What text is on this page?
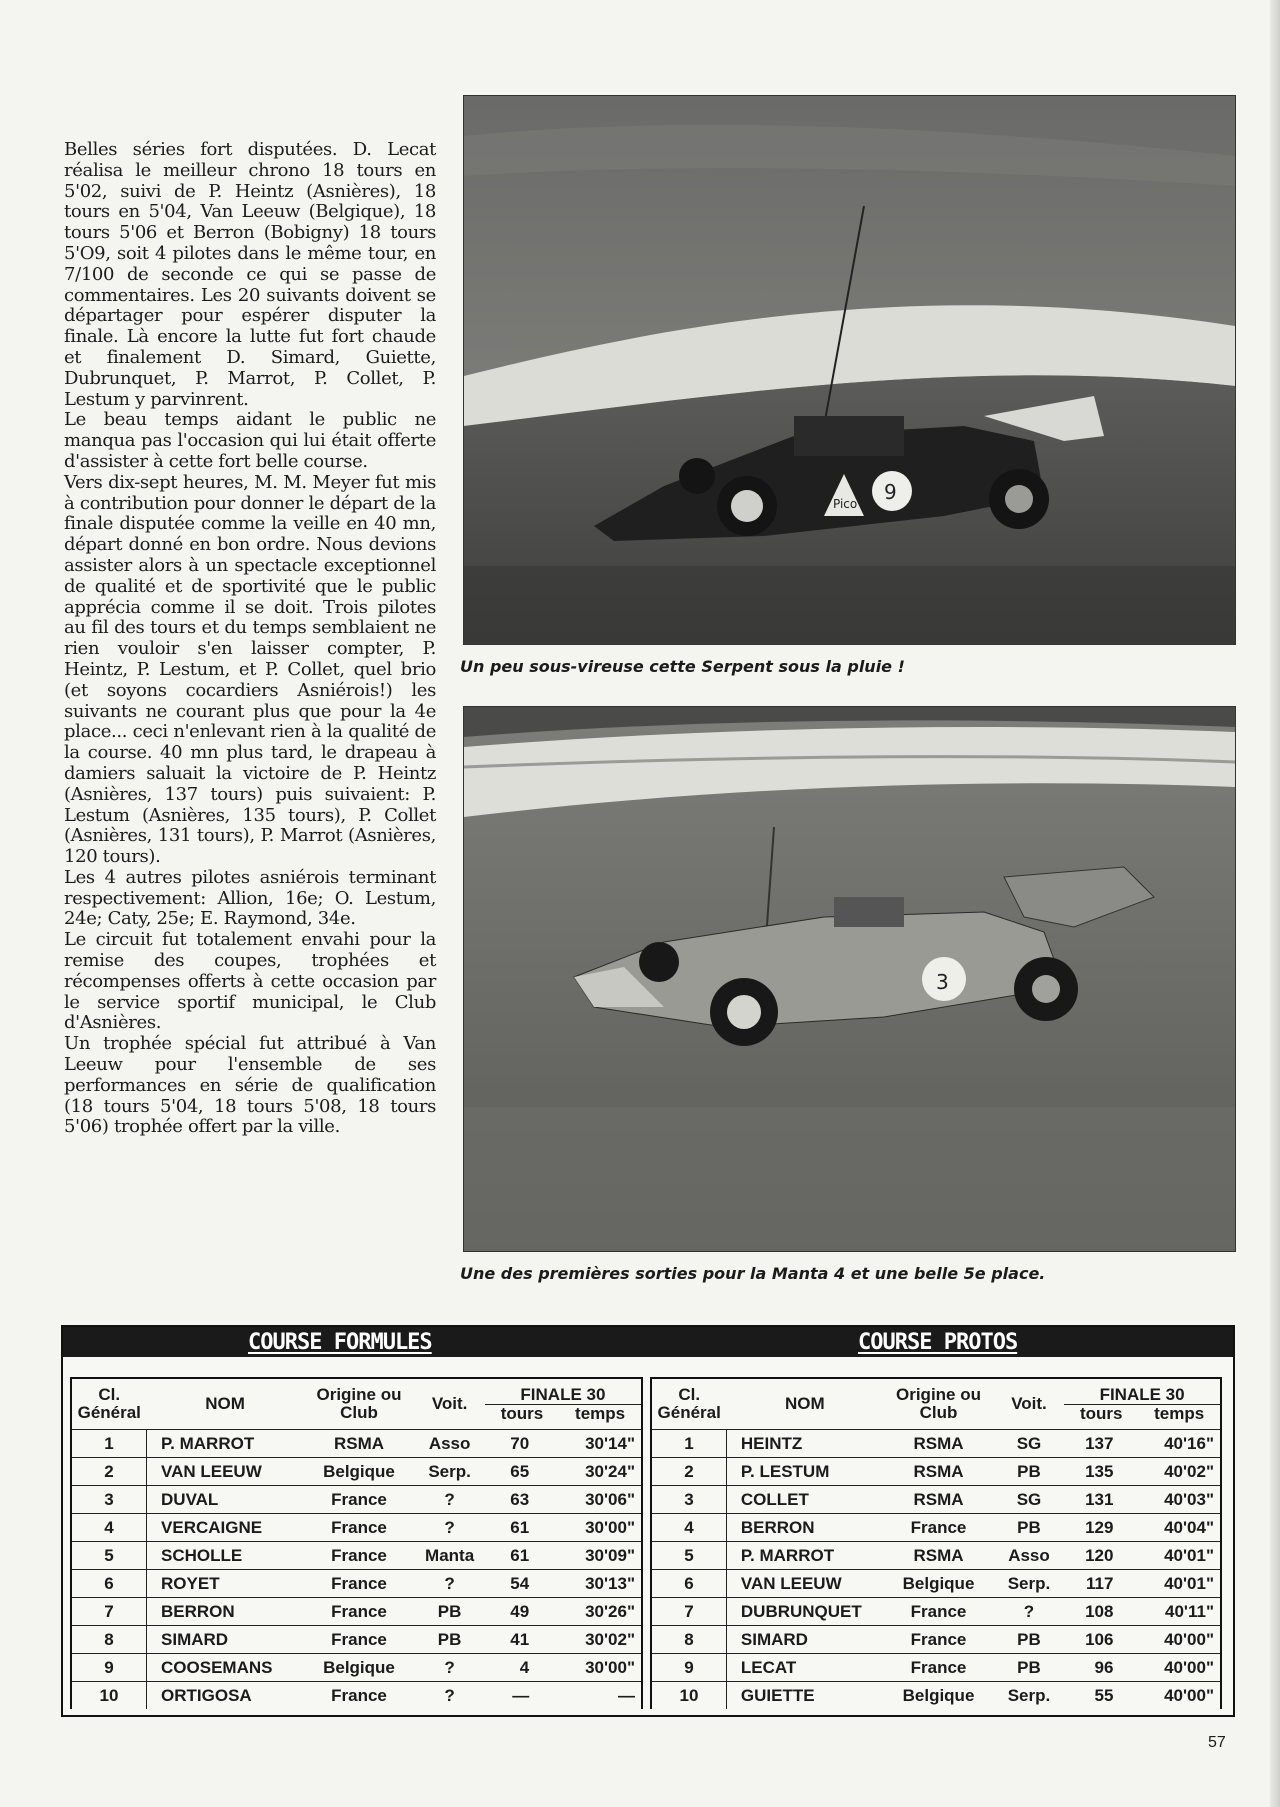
Belles séries fort disputées. D. Lecat réalisa le meilleur chrono 18 tours en 5'02, suivi de P. Heintz (Asnières), 18 tours en 5'04, Van Leeuw (Belgique), 18 tours 5'06 et Berron (Bobigny) 18 tours 5'O9, soit 4 pilotes dans le même tour, en 7/100 de seconde ce qui se passe de commentaires. Les 20 suivants doivent se départager pour espérer disputer la finale. Là encore la lutte fut fort chaude et finalement D. Simard, Guiette, Dubrunquet, P. Marrot, P. Collet, P. Lestum y parvinrent.

Le beau temps aidant le public ne manqua pas l'occasion qui lui était offerte d'assister à cette fort belle course.

Vers dix-sept heures, M. M. Meyer fut mis à contribution pour donner le départ de la finale disputée comme la veille en 40 mn, départ donné en bon ordre. Nous devions assister alors à un spectacle exceptionnel de qualité et de sportivité que le public apprécia comme il se doit. Trois pilotes au fil des tours et du temps semblaient ne rien vouloir s'en laisser compter, P. Heintz, P. Lestum, et P. Collet, quel brio (et soyons cocardiers Asniérois!) les suivants ne courant plus que pour la 4e place... ceci n'enlevant rien à la qualité de la course. 40 mn plus tard, le drapeau à damiers saluait la victoire de P. Heintz (Asnières, 137 tours) puis suivaient: P. Lestum (Asnières, 135 tours), P. Collet (Asnières, 131 tours), P. Marrot (Asnières, 120 tours).

Les 4 autres pilotes asniérois terminant respectivement: Allion, 16e; O. Lestum, 24e; Caty, 25e; E. Raymond, 34e.

Le circuit fut totalement envahi pour la remise des coupes, trophées et récompenses offerts à cette occasion par le service sportif municipal, le Club d'Asnières.

Un trophée spécial fut attribué à Van Leeuw pour l'ensemble de ses performances en série de qualification (18 tours 5'04, 18 tours 5'08, 18 tours 5'06) trophée offert par la ville.

Pico 9

Un peu sous-vireuse cette Serpent sous la pluie !

3

Une des premières sorties pour la Manta 4 et une belle 5e place.

COURSE FORMULES	COURSE PROTOS
Cl. Général	NOM	Origine ou Club	Voit.	FINALE 30
tours temps	

1	P. MARROT	RSMA	Asso	70	30'14"
2	VAN LEEUW	Belgique	Serp.	65	30'24"
3	DUVAL	France	?	63	30'06"
4	VERCAIGNE	France	?	61	30'00"
5	SCHOLLE	France	Manta	61	30'09"
6	ROYET	France	?	54	30'13"
7	BERRON	France	PB	49	30'26"
8	SIMARD	France	PB	41	30'02"
9	COOSEMANS	Belgique	?	4	30'00"
10	ORTIGOSA	France	?	—	—
Cl. Général	NOM	Origine ou Club	Voit.	FINALE 30
tours temps	

1	HEINTZ	RSMA	SG	137	40'16"
2	P. LESTUM	RSMA	PB	135	40'02"
3	COLLET	RSMA	SG	131	40'03"
4	BERRON	France	PB	129	40'04"
5	P. MARROT	RSMA	Asso	120	40'01"
6	VAN LEEUW	Belgique	Serp.	117	40'01"
7	DUBRUNQUET	France	?	108	40'11"
8	SIMARD	France	PB	106	40'00"
9	LECAT	France	PB	96	40'00"
10	GUIETTE	Belgique	Serp.	55	40'00"
57
